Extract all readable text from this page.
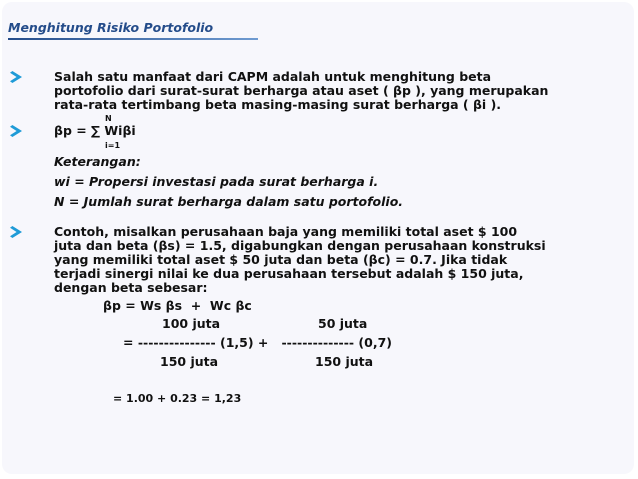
Menghitung Risiko Portofolio
Salah satu manfaat dari CAPM adalah untuk menghitung beta
portofolio dari surat-surat berharga atau aset ( βp ), yang merupakan
rata-rata tertimbang beta masing-masing surat berharga ( βi ).
N
βp = ∑ Wiβi
i=1
Keterangan:
wi = Propersi investasi pada surat berharga i.
N = Jumlah surat berharga dalam satu portofolio.
Contoh, misalkan perusahaan baja yang memiliki total aset $ 100
juta dan beta (βs) = 1.5, digabungkan dengan perusahaan konstruksi
yang memiliki total aset $ 50 juta dan beta (βc) = 0.7. Jika tidak
terjadi sinergi nilai ke dua perusahaan tersebut adalah $ 150 juta,
dengan beta sebesar:
βp = Ws βs  +  Wc βc
100 juta	50 juta
= --------------- (1,5) +   -------------- (0,7)
150 juta	150 juta
= 1.00 + 0.23 = 1,23
